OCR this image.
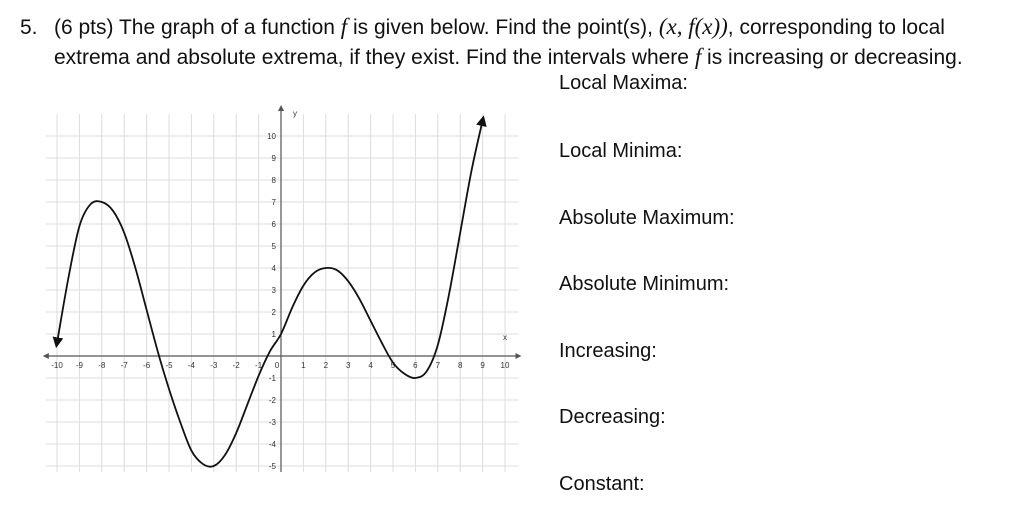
5. (6 pts) The graph of a function f is given below. Find the point(s), (x, f(x)), corresponding to local
extrema and absolute extrema, if they exist. Find the intervals where f is increasing or decreasing.
Local Maxima:
Local Minima:
Absolute Maximum:
Absolute Minimum:
Increasing:
Decreasing:
Constant:
-10 -9 -8 -7 -6 -5 -4 -3 -2 -1 0	1 2 3 4 5 6 7 8 9 10
-5
-4
-3
-2
-1
1
2
3
4
5
6
7
8
9
10
x
y
